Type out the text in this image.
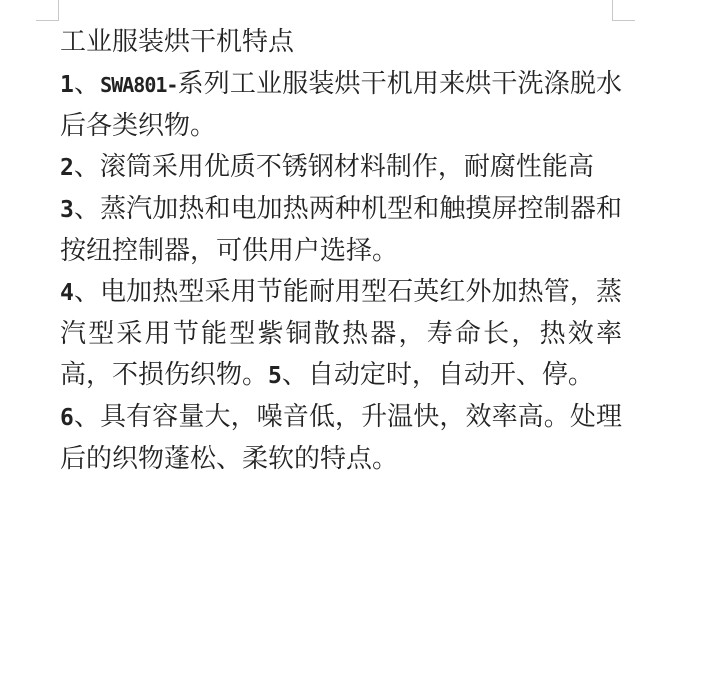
工业服装烘干机特点

1、SWA801-系列工业服装烘干机用来烘干洗涤脱水后各类织物。

2、滚筒采用优质不锈钢材料制作，耐腐性能高

3、蒸汽加热和电加热两种机型和触摸屏控制器和按纽控制器，可供用户选择。

4、电加热型采用节能耐用型石英红外加热管，蒸汽型采用节能型紫铜散热器，寿命长，热效率高，不损伤织物。5、自动定时，自动开、停。

6、具有容量大，噪音低，升温快，效率高。处理后的织物蓬松、柔软的特点。
